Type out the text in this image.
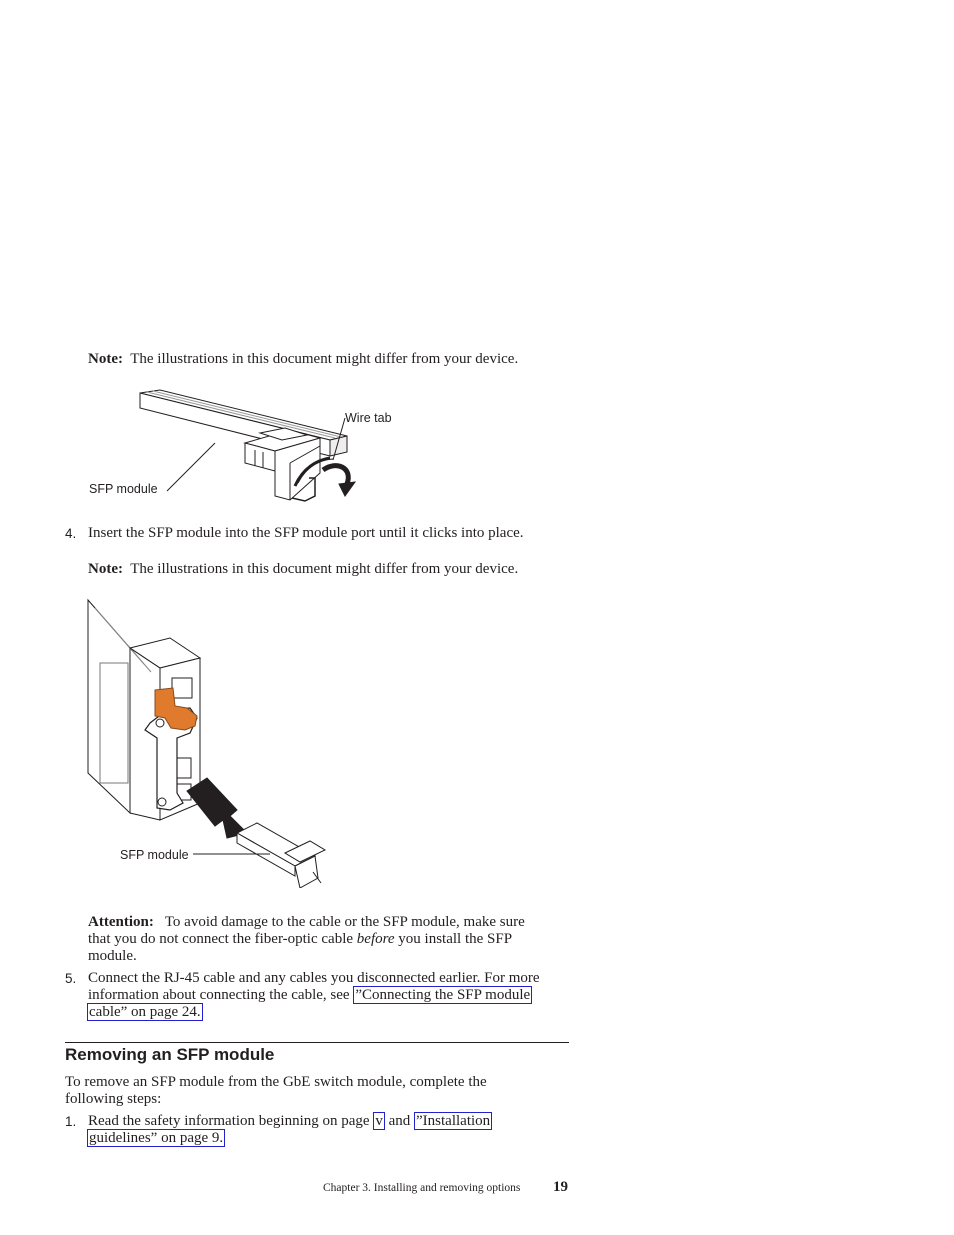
Note: The illustrations in this document might differ from your device.
Wire tab
SFP module
4. Insert the SFP module into the SFP module port until it clicks into place.
Note: The illustrations in this document might differ from your device.
SFP module
Attention: To avoid damage to the cable or the SFP module, make sure
that you do not connect the fiber-optic cable before you install the SFP
module.
5. Connect the RJ-45 cable and any cables you disconnected earlier. For more
information about connecting the cable, see ”Connecting the SFP module
cable” on page 24.
Removing an SFP module
To remove an SFP module from the GbE switch module, complete the
following steps:
1. Read the safety information beginning on page v and ”Installation
guidelines” on page 9.
Chapter 3. Installing and removing options 19
